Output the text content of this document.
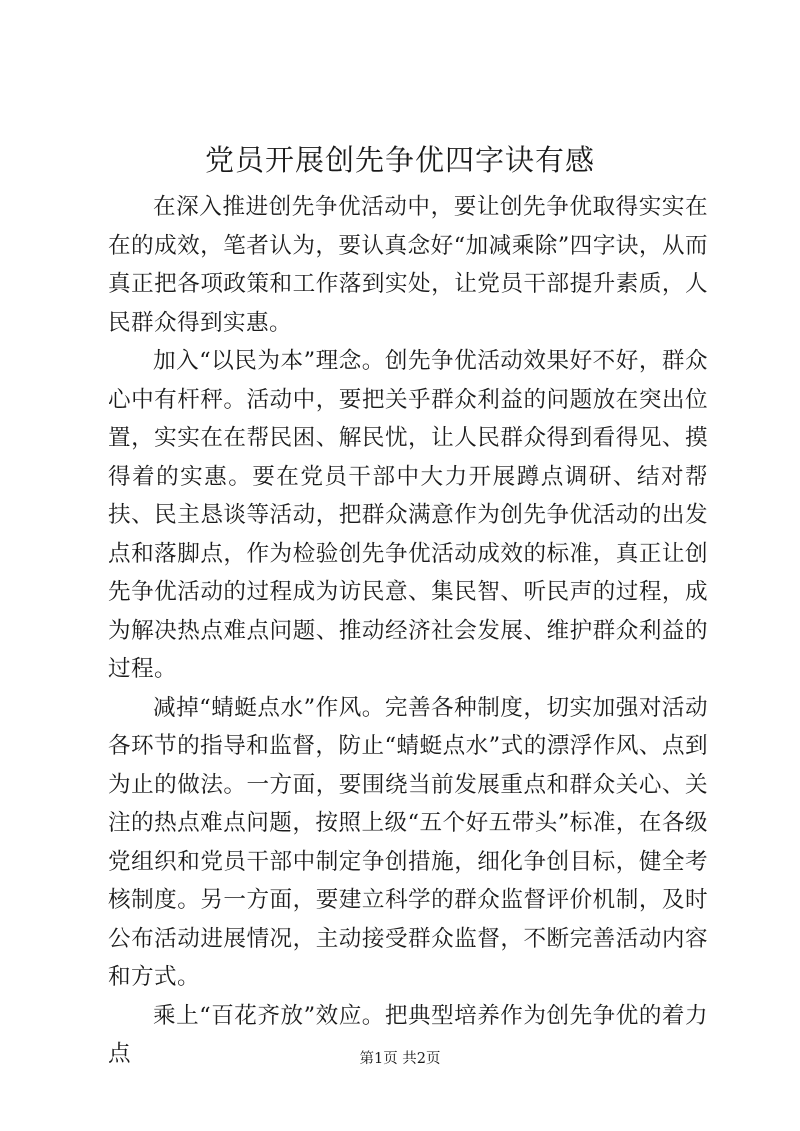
党员开展创先争优四字诀有感

在深入推进创先争优活动中，要让创先争优取得实实在在的成效，笔者认为，要认真念好“加减乘除”四字诀，从而真正把各项政策和工作落到实处，让党员干部提升素质，人民群众得到实惠。

加入“以民为本”理念。创先争优活动效果好不好，群众心中有杆秤。活动中，要把关乎群众利益的问题放在突出位置，实实在在帮民困、解民忧，让人民群众得到看得见、摸得着的实惠。要在党员干部中大力开展蹲点调研、结对帮扶、民主恳谈等活动，把群众满意作为创先争优活动的出发点和落脚点，作为检验创先争优活动成效的标准，真正让创先争优活动的过程成为访民意、集民智、听民声的过程，成为解决热点难点问题、推动经济社会发展、维护群众利益的过程。

减掉“蜻蜓点水”作风。完善各种制度，切实加强对活动各环节的指导和监督，防止“蜻蜓点水”式的漂浮作风、点到为止的做法。一方面，要围绕当前发展重点和群众关心、关注的热点难点问题，按照上级“五个好五带头”标准，在各级党组织和党员干部中制定争创措施，细化争创目标，健全考核制度。另一方面，要建立科学的群众监督评价机制，及时公布活动进展情况，主动接受群众监督，不断完善活动内容和方式。

乘上“百花齐放”效应。把典型培养作为创先争优的着力点	第1页 共2页
